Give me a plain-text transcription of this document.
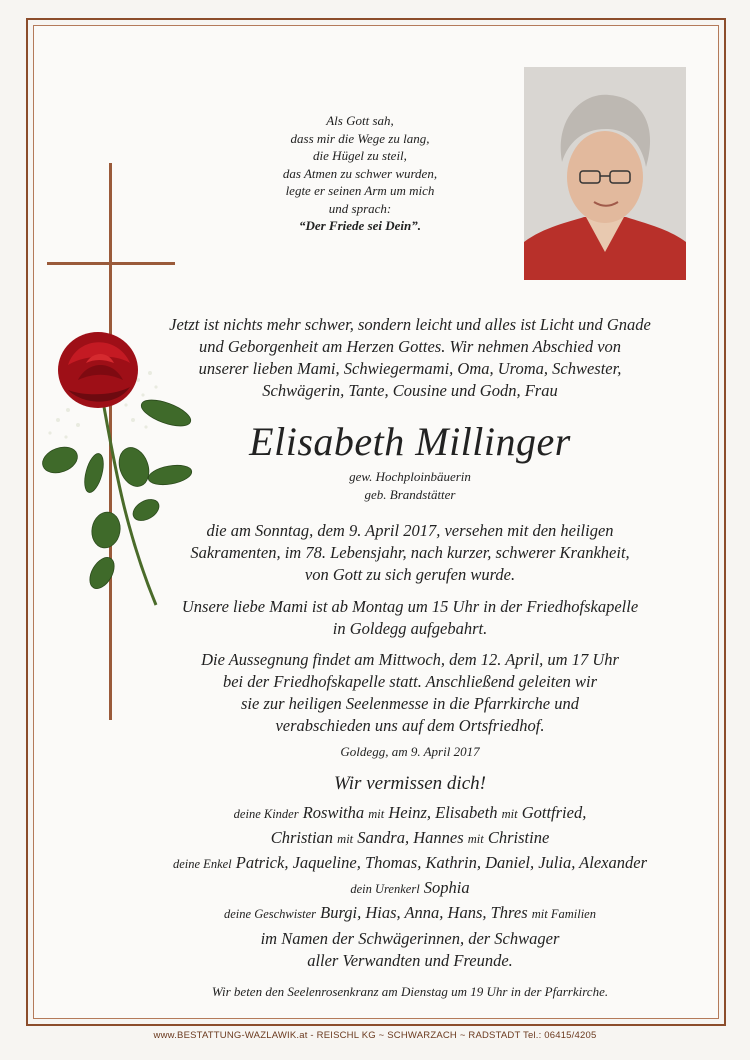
Als Gott sah,
dass mir die Wege zu lang,
die Hügel zu steil,
das Atmen zu schwer wurden,
legte er seinen Arm um mich
und sprach:
“Der Friede sei Dein”.
Jetzt ist nichts mehr schwer, sondern leicht und alles ist Licht und Gnade
und Geborgenheit am Herzen Gottes. Wir nehmen Abschied von
unserer lieben Mami, Schwiegermami, Oma, Uroma, Schwester,
Schwägerin, Tante, Cousine und Godn, Frau
Elisabeth Millinger
gew. Hochploinbäuerin
geb. Brandstätter
die am Sonntag, dem 9. April 2017, versehen mit den heiligen
Sakramenten, im 78. Lebensjahr, nach kurzer, schwerer Krankheit,
von Gott zu sich gerufen wurde.
Unsere liebe Mami ist ab Montag um 15 Uhr in der Friedhofskapelle
in Goldegg aufgebahrt.
Die Aussegnung findet am Mittwoch, dem 12. April, um 17 Uhr
bei der Friedhofskapelle statt. Anschließend geleiten wir
sie zur heiligen Seelenmesse in die Pfarrkirche und
verabschieden uns auf dem Ortsfriedhof.
Goldegg, am 9. April 2017
Wir vermissen dich!
deine Kinder Roswitha mit Heinz, Elisabeth mit Gottfried,
Christian mit Sandra, Hannes mit Christine
deine Enkel Patrick, Jaqueline, Thomas, Kathrin, Daniel, Julia, Alexander
dein Urenkerl Sophia
deine Geschwister Burgi, Hias, Anna, Hans, Thres mit Familien
im Namen der Schwägerinnen, der Schwager
aller Verwandten und Freunde.
Wir beten den Seelenrosenkranz am Dienstag um 19 Uhr in der Pfarrkirche.
www.BESTATTUNG-WAZLAWIK.at - REISCHL KG ~ SCHWARZACH ~ RADSTADT Tel.: 06415/4205
